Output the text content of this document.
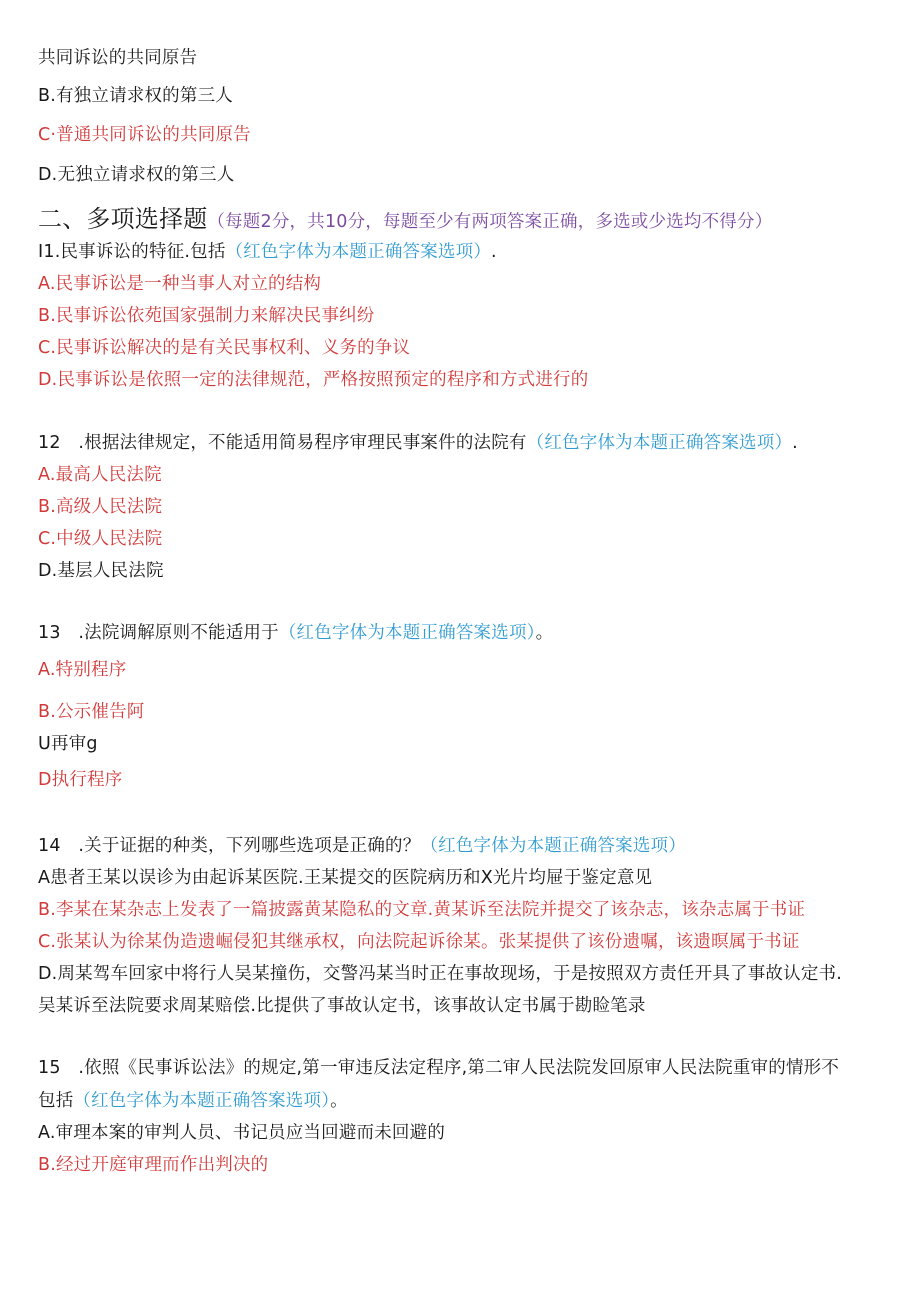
共同诉讼的共同原告
B.有独立请求权的第三人
C·普通共同诉讼的共同原告
D.无独立请求权的第三人
二、多项选择题（每题2分，共10分，每题至少有两项答案正确，多选或少选均不得分）
I1.民事诉讼的特征.包括（红色字体为本题正确答案选项）.
A.民事诉讼是一种当事人对立的结构
B.民事诉讼依苑国家强制力来解决民事纠纷
C.民事诉讼解决的是有关民事权利、义务的争议
D.民事诉讼是依照一定的法律规范，严格按照预定的程序和方式进行的
12　.根据法律规定，不能适用简易程序审理民事案件的法院有（红色字体为本题正确答案选项）.
A.最高人民法院
B.高级人民法院
C.中级人民法院
D.基层人民法院
13　.法院调解原则不能适用于（红色字体为本题正确答案选项）。
A.特别程序
B.公示催告阿
U再审g
D执行程序
14　.关于证据的种类，下列哪些选项是正确的？（红色字体为本题正确答案选项）
A患者王某以误诊为由起诉某医院.王某提交的医院病历和X光片均屉于鉴定意见
B.李某在某杂志上发表了一篇披露黄某隐私的文章.黄某诉至法院并提交了该杂志，该杂志属于书证
C.张某认为徐某伪造遗崛侵犯其继承权，向法院起诉徐某。张某提供了该份遗嘱，该遗暝属于书证
D.周某驾车回家中将行人吴某撞伤，交警冯某当时正在事故现场，于是按照双方责任开具了事故认定书.
吴某诉至法院要求周某赔偿.比提供了事故认定书，该事故认定书属于勘睑笔录
15　.依照《民事诉讼法》的规定,第一审违反法定程序,第二审人民法院发回原审人民法院重审的情形不
包括（红色字体为本题正确答案选项）。
A.审理本案的审判人员、书记员应当回避而未回避的
B.经过开庭审理而作出判决的
